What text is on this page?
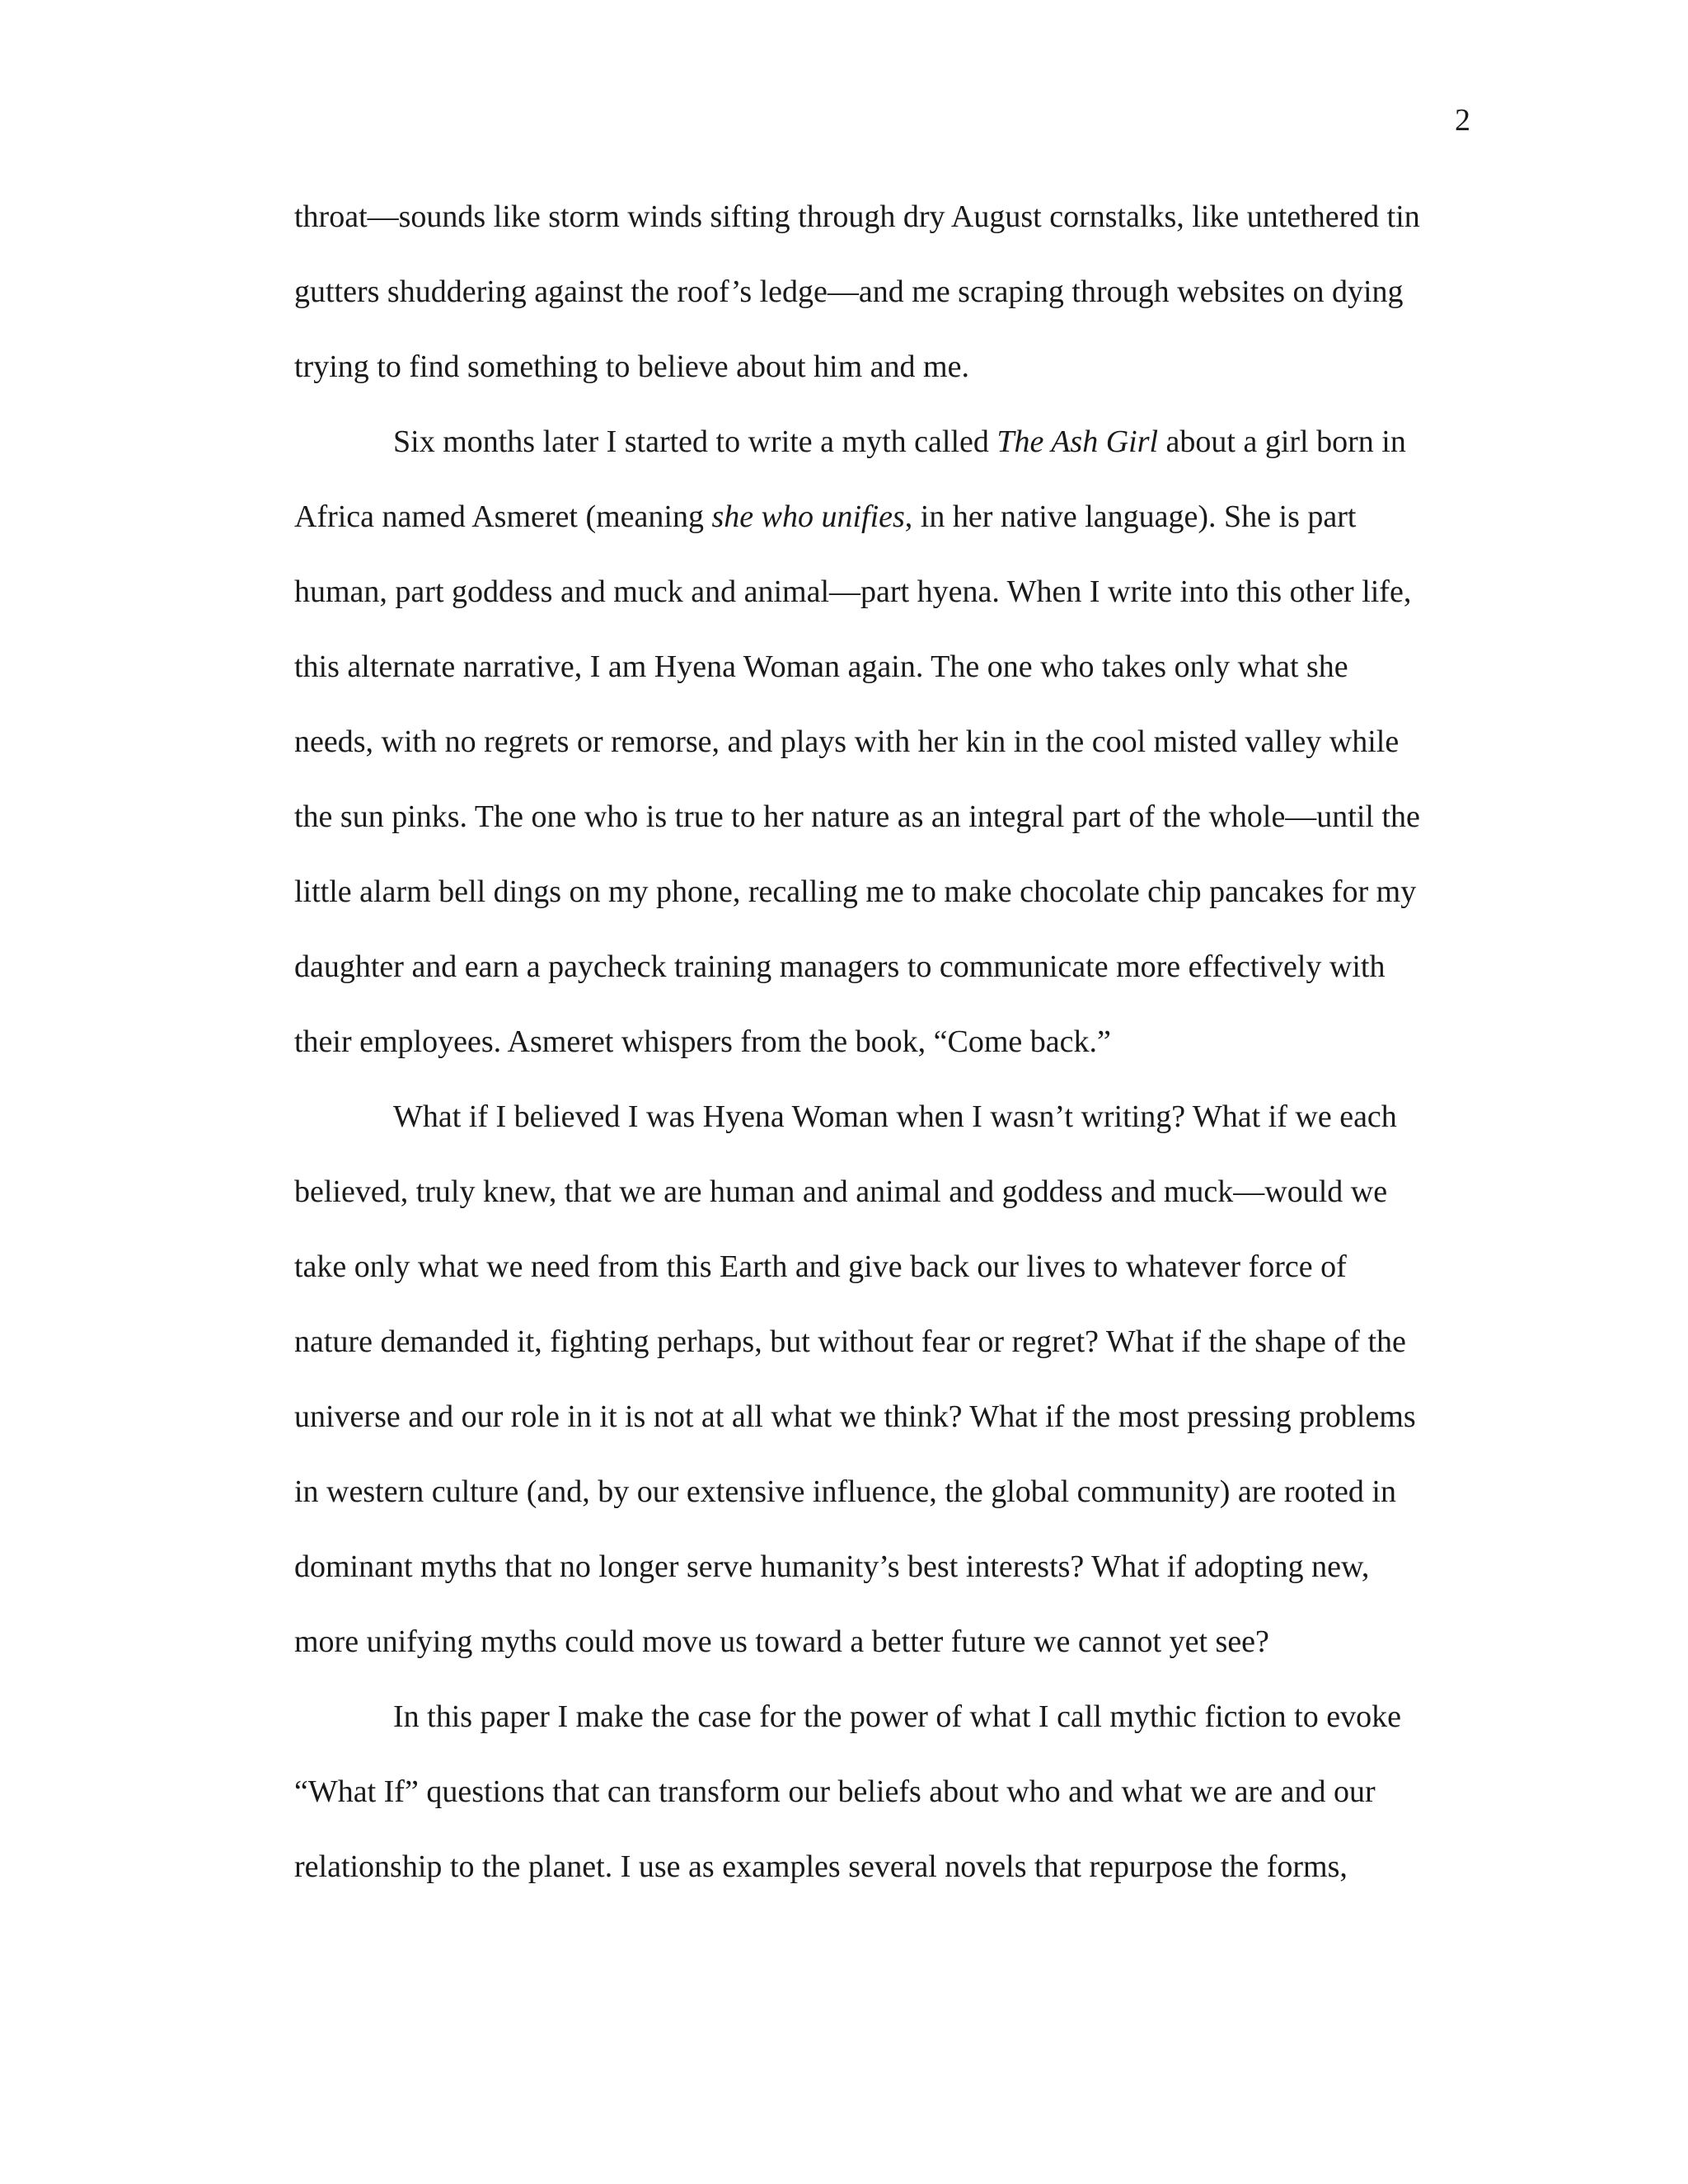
2
throat—sounds like storm winds sifting through dry August cornstalks, like untethered tin
gutters shuddering against the roof’s ledge—and me scraping through websites on dying
trying to find something to believe about him and me.
Six months later I started to write a myth called The Ash Girl about a girl born in
Africa named Asmeret (meaning she who unifies, in her native language). She is part
human, part goddess and muck and animal—part hyena. When I write into this other life,
this alternate narrative, I am Hyena Woman again. The one who takes only what she
needs, with no regrets or remorse, and plays with her kin in the cool misted valley while
the sun pinks. The one who is true to her nature as an integral part of the whole—until the
little alarm bell dings on my phone, recalling me to make chocolate chip pancakes for my
daughter and earn a paycheck training managers to communicate more effectively with
their employees. Asmeret whispers from the book, “Come back.”
What if I believed I was Hyena Woman when I wasn’t writing? What if we each
believed, truly knew, that we are human and animal and goddess and muck—would we
take only what we need from this Earth and give back our lives to whatever force of
nature demanded it, fighting perhaps, but without fear or regret? What if the shape of the
universe and our role in it is not at all what we think? What if the most pressing problems
in western culture (and, by our extensive influence, the global community) are rooted in
dominant myths that no longer serve humanity’s best interests? What if adopting new,
more unifying myths could move us toward a better future we cannot yet see?
In this paper I make the case for the power of what I call mythic fiction to evoke
“What If” questions that can transform our beliefs about who and what we are and our
relationship to the planet. I use as examples several novels that repurpose the forms,
